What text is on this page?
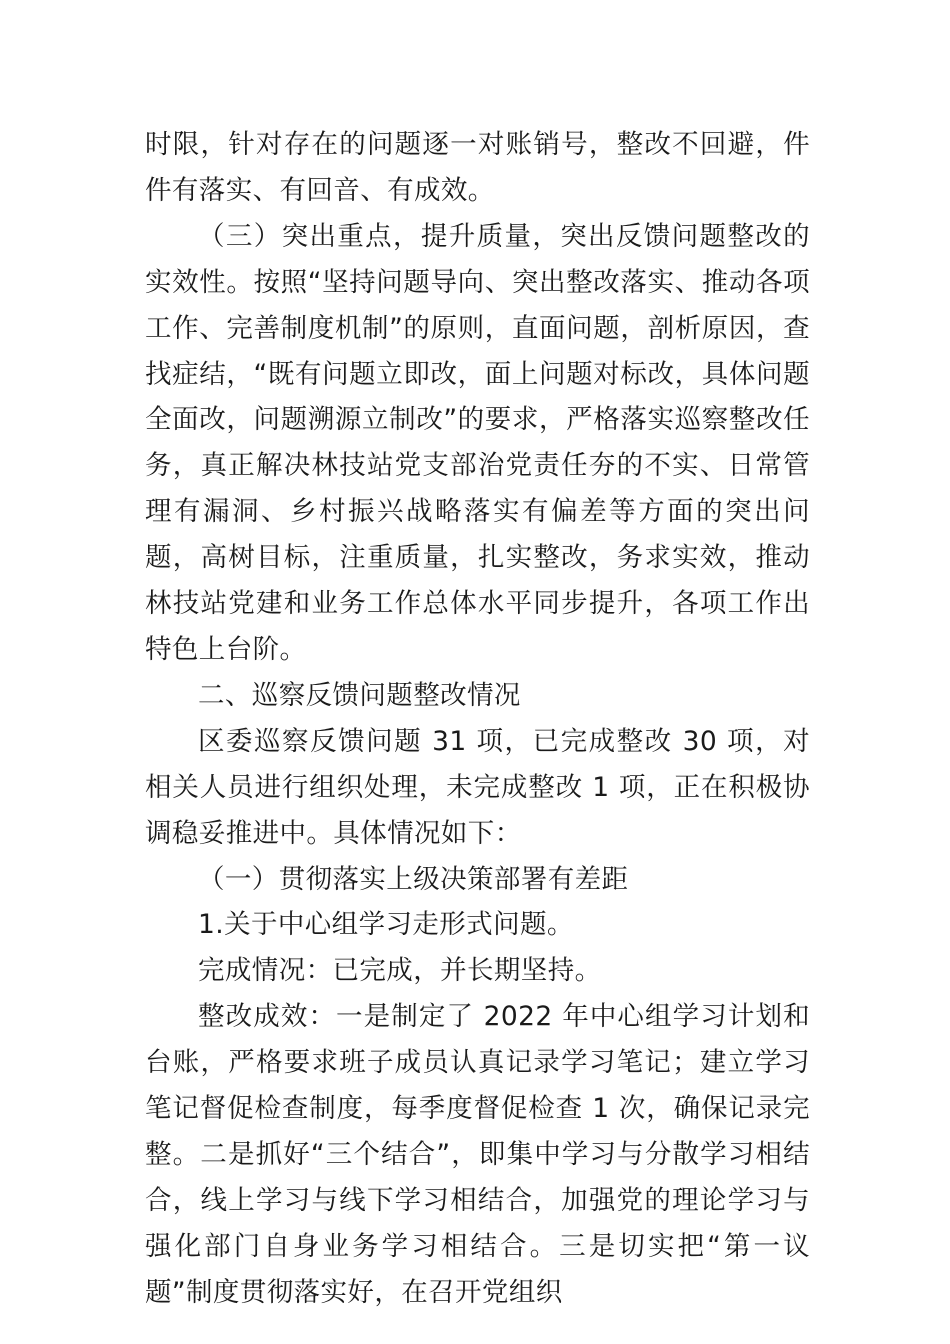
时限，针对存在的问题逐一对账销号，整改不回避，件件有落实、有回音、有成效。

（三）突出重点，提升质量，突出反馈问题整改的实效性。按照“坚持问题导向、突出整改落实、推动各项工作、完善制度机制”的原则，直面问题，剖析原因，查找症结，“既有问题立即改，面上问题对标改，具体问题全面改，问题溯源立制改”的要求，严格落实巡察整改任务，真正解决林技站党支部治党责任夯的不实、日常管理有漏洞、乡村振兴战略落实有偏差等方面的突出问题，高树目标，注重质量，扎实整改，务求实效，推动林技站党建和业务工作总体水平同步提升，各项工作出特色上台阶。

二、巡察反馈问题整改情况

区委巡察反馈问题 31 项，已完成整改 30 项，对相关人员进行组织处理，未完成整改 1 项，正在积极协调稳妥推进中。具体情况如下：

（一）贯彻落实上级决策部署有差距

1.关于中心组学习走形式问题。

完成情况：已完成，并长期坚持。

整改成效：一是制定了 2022 年中心组学习计划和台账，严格要求班子成员认真记录学习笔记；建立学习笔记督促检查制度，每季度督促检查 1 次，确保记录完整。二是抓好“三个结合”，即集中学习与分散学习相结合，线上学习与线下学习相结合，加强党的理论学习与强化部门自身业务学习相结合。三是切实把“第一议题”制度贯彻落实好，在召开党组织
